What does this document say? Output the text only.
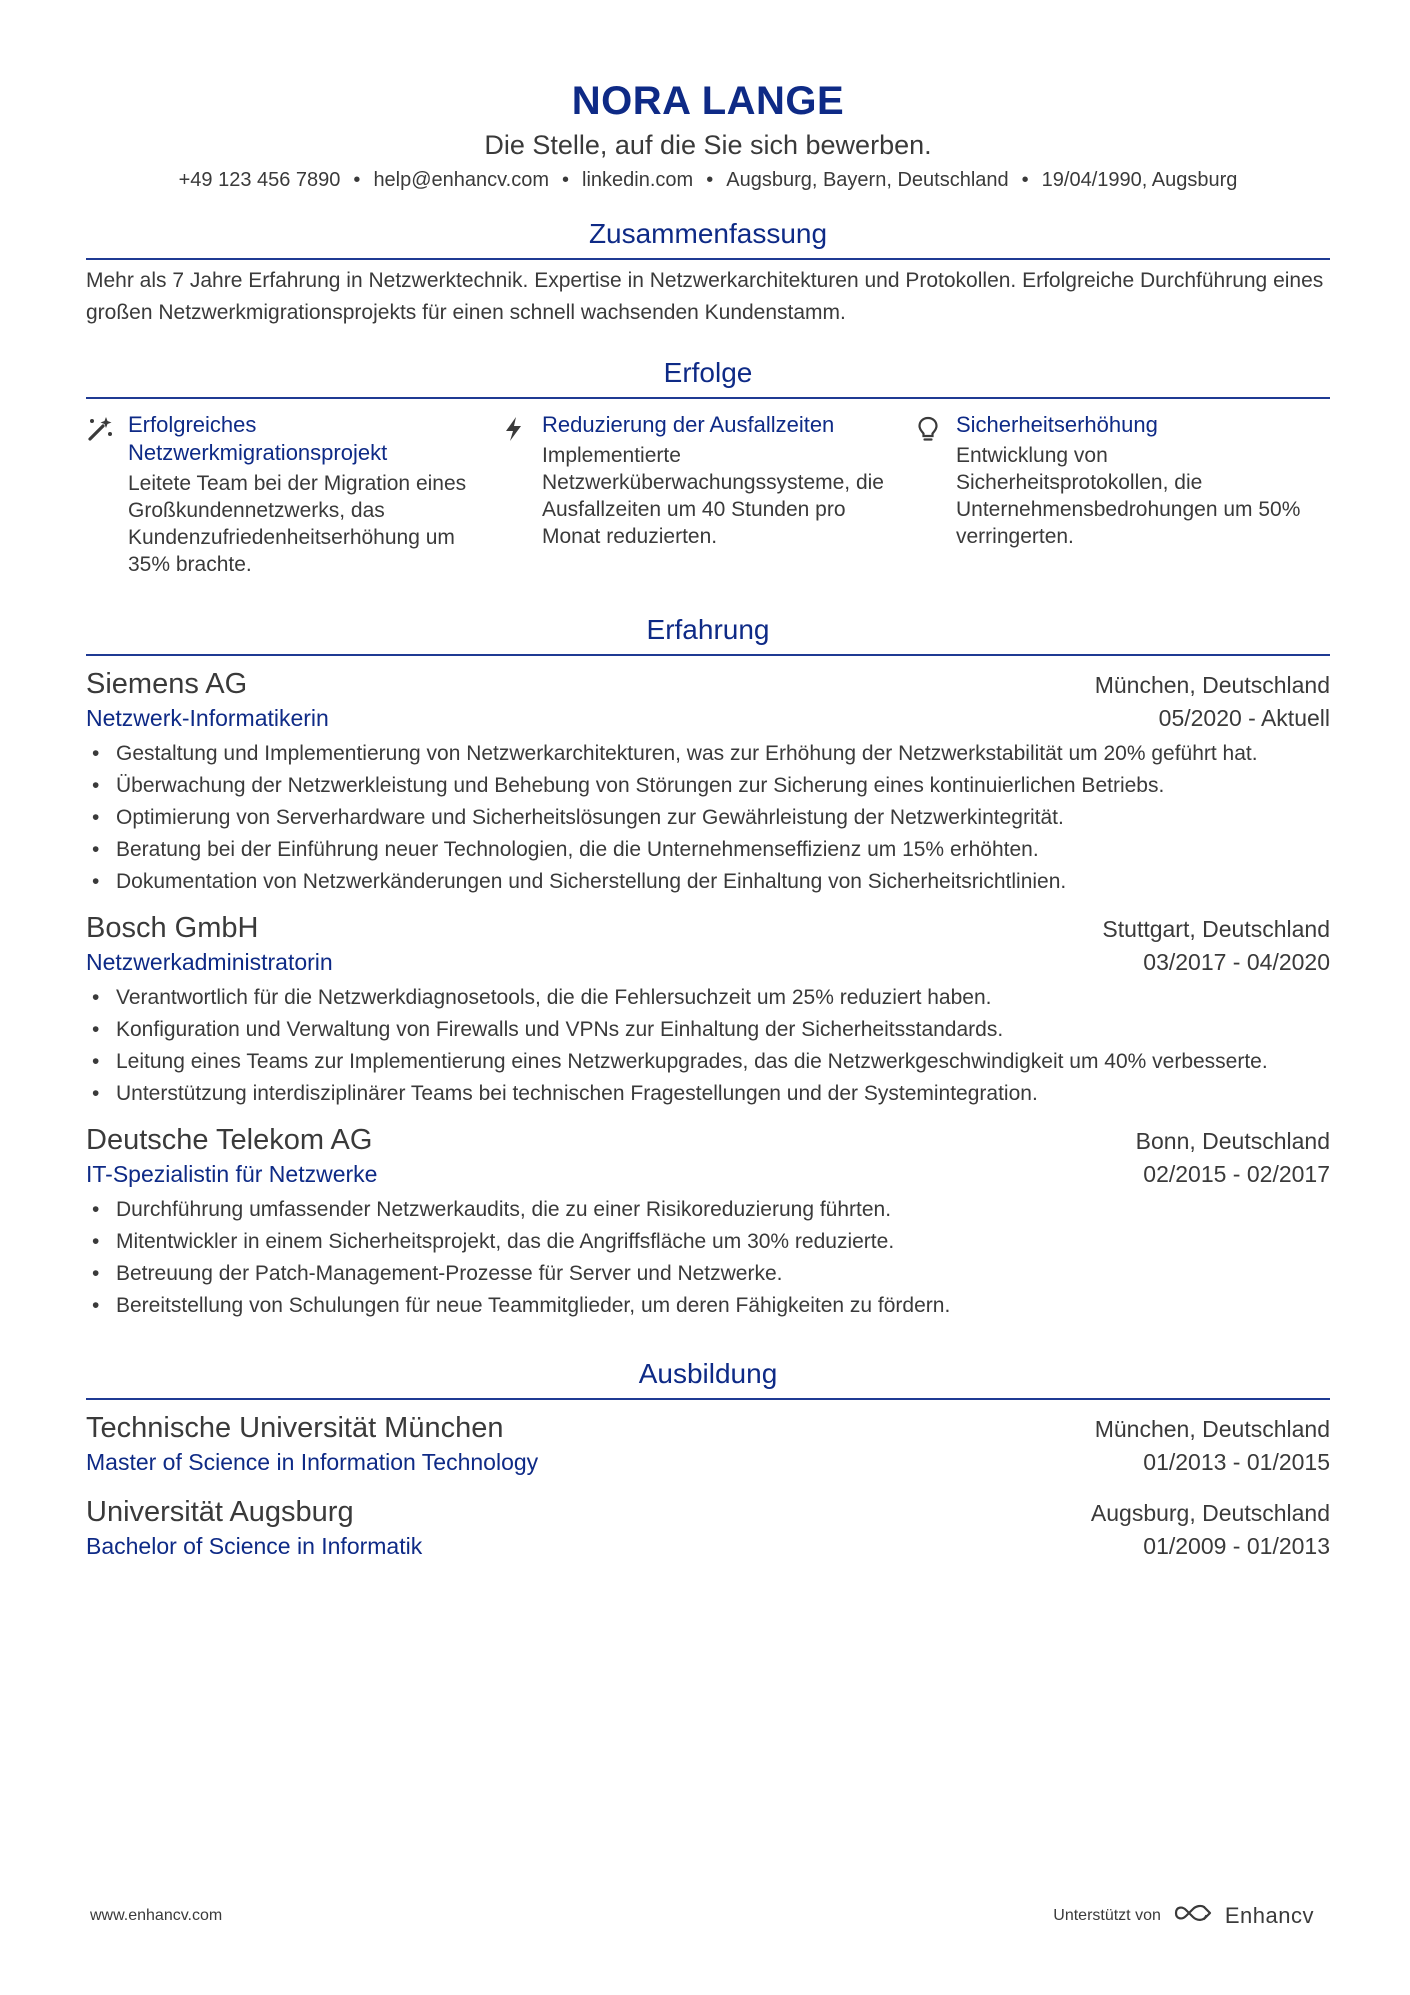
NORA LANGE
Die Stelle, auf die Sie sich bewerben.
+49 123 456 7890 • help@enhancv.com • linkedin.com • Augsburg, Bayern, Deutschland • 19/04/1990, Augsburg
Zusammenfassung
Mehr als 7 Jahre Erfahrung in Netzwerktechnik. Expertise in Netzwerkarchitekturen und Protokollen. Erfolgreiche Durchführung eines großen Netzwerkmigrationsprojekts für einen schnell wachsenden Kundenstamm.
Erfolge
Erfolgreiches Netzwerkmigrationsprojekt
Leitete Team bei der Migration eines Großkundennetzwerks, das Kundenzufriedenheitserhöhung um 35% brachte.
Reduzierung der Ausfallzeiten
Implementierte Netzwerküberwachungssysteme, die Ausfallzeiten um 40 Stunden pro Monat reduzierten.
Sicherheitserhöhung
Entwicklung von Sicherheitsprotokollen, die Unternehmensbedrohungen um 50% verringerten.
Erfahrung
Siemens AG	München, Deutschland
Netzwerk-Informatikerin	05/2020 - Aktuell
• Gestaltung und Implementierung von Netzwerkarchitekturen, was zur Erhöhung der Netzwerkstabilität um 20% geführt hat.
• Überwachung der Netzwerkleistung und Behebung von Störungen zur Sicherung eines kontinuierlichen Betriebs.
• Optimierung von Serverhardware und Sicherheitslösungen zur Gewährleistung der Netzwerkintegrität.
• Beratung bei der Einführung neuer Technologien, die die Unternehmenseffizienz um 15% erhöhten.
• Dokumentation von Netzwerkänderungen und Sicherstellung der Einhaltung von Sicherheitsrichtlinien.
Bosch GmbH	Stuttgart, Deutschland
Netzwerkadministratorin	03/2017 - 04/2020
• Verantwortlich für die Netzwerkdiagnosetools, die die Fehlersuchzeit um 25% reduziert haben.
• Konfiguration und Verwaltung von Firewalls und VPNs zur Einhaltung der Sicherheitsstandards.
• Leitung eines Teams zur Implementierung eines Netzwerkupgrades, das die Netzwerkgeschwindigkeit um 40% verbesserte.
• Unterstützung interdisziplinärer Teams bei technischen Fragestellungen und der Systemintegration.
Deutsche Telekom AG	Bonn, Deutschland
IT-Spezialistin für Netzwerke	02/2015 - 02/2017
• Durchführung umfassender Netzwerkaudits, die zu einer Risikoreduzierung führten.
• Mitentwickler in einem Sicherheitsprojekt, das die Angriffsfläche um 30% reduzierte.
• Betreuung der Patch-Management-Prozesse für Server und Netzwerke.
• Bereitstellung von Schulungen für neue Teammitglieder, um deren Fähigkeiten zu fördern.
Ausbildung
Technische Universität München	München, Deutschland
Master of Science in Information Technology	01/2013 - 01/2015
Universität Augsburg	Augsburg, Deutschland
Bachelor of Science in Informatik	01/2009 - 01/2013
www.enhancv.com	Unterstützt von	Enhancv
